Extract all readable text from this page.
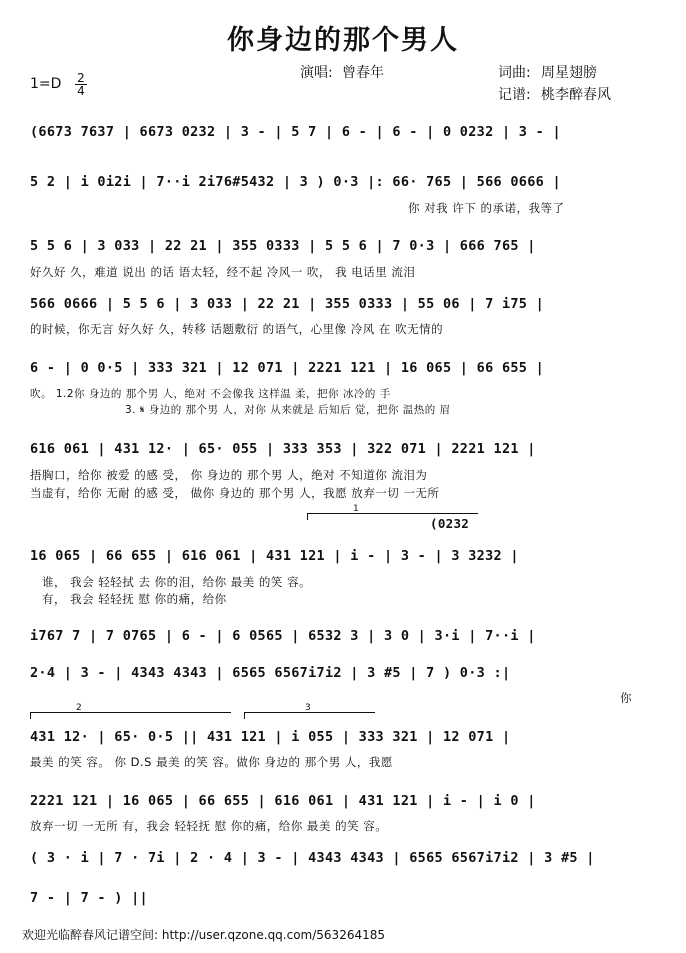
你身边的那个男人
演唱: 曾春年	词曲: 周星翅膀
记谱: 桃李醉春风
1=D 2
4
(6673 7637 | 6673 0232 | 3 - | 5 7 | 6 - | 6 - | 0 0232 | 3 - |
5 2 | i 0i2i | 7··i 2i76#5432 | 3 ) 0·3 |: 66· 765 | 566 0666 |
你 对我 许下 的承诺，我等了
5 5 6 | 3 033 | 22 21 | 355 0333 | 5 5 6 | 7 0·3 | 666 765 |
好久好 久，难道 说出 的话 语太轻，经不起 冷风一 吹， 我 电话里 流泪
566 0666 | 5 5 6 | 3 033 | 22 21 | 355 0333 | 55 06 | 7 i75 |
的时候，你无言 好久好 久，转移 话题敷衍 的语气，心里像 冷风 在 吹无情的
6 - | 0 0·5 | 333 321 | 12 071 | 2221 121 | 16 065 | 66 655 |
吹。 1.2你 身边的 那个男 人，绝对 不会像我 这样温 柔，把你 冰冷的 手
3. 𝄋 身边的 那个男 人，对你 从来就是 后知后 觉，把你 温热的 眉
616 061 | 431 12· | 65· 055 | 333 353 | 322 071 | 2221 121 |
捂胸口，给你 被爱 的感 受， 你 身边的 那个男 人，绝对 不知道你 流泪为
当虚有，给你 无耐 的感 受， 做你 身边的 那个男 人，我愿 放弃一切 一无所
1
(0232
16 065 | 66 655 | 616 061 | 431 121 | i - | 3 - | 3 3232 |
谁， 我会 轻轻拭 去 你的泪，给你 最美 的笑 容。
有， 我会 轻轻抚 慰 你的痛，给你
i767 7 | 7 0765 | 6 - | 6 0565 | 6532 3 | 3 0 | 3·i | 7··i |
2·4 | 3 - | 4343 4343 | 6565 6567i7i2 | 3 #5 | 7 ) 0·3 :|
你
2	3
431 12· | 65· 0·5 || 431 121 | i 055 | 333 321 | 12 071 |
最美 的笑 容。 你 D.S 最美 的笑 容。做你 身边的 那个男 人，我愿
2221 121 | 16 065 | 66 655 | 616 061 | 431 121 | i - | i 0 |
放弃一切 一无所 有，我会 轻轻抚 慰 你的痛，给你 最美 的笑 容。
( 3 · i | 7 · 7i | 2 · 4 | 3 - | 4343 4343 | 6565 6567i7i2 | 3 #5 |
7 - | 7 - ) ||
欢迎光临醉春风记谱空间: http://user.qzone.qq.com/563264185
